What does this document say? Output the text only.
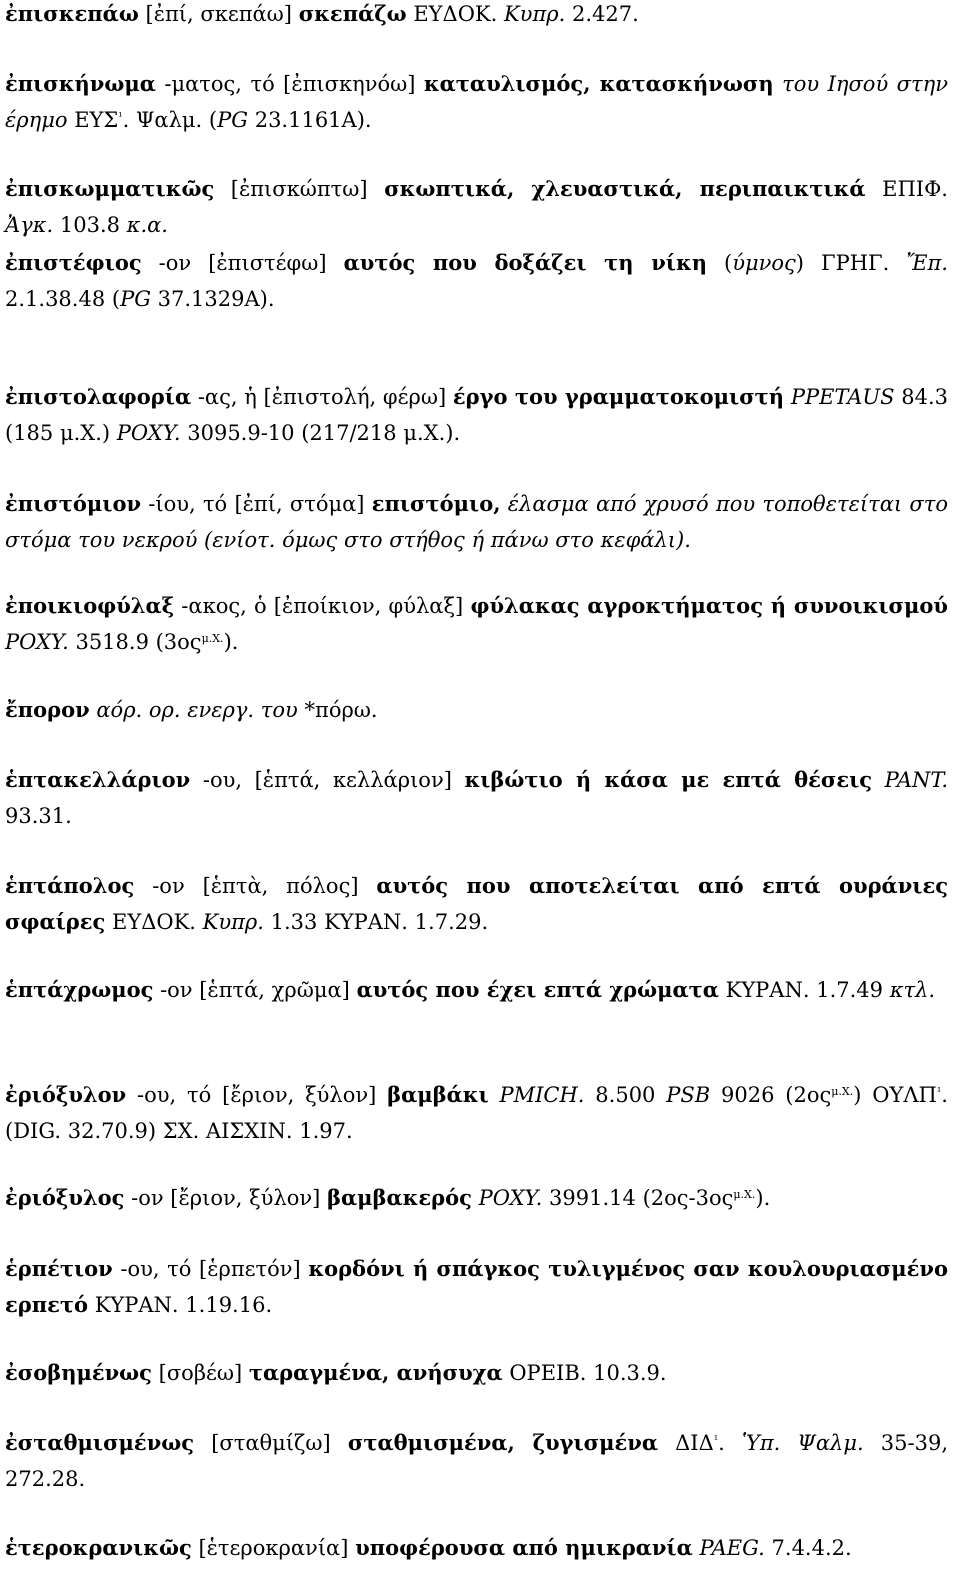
ἐπισκεπάω [ἐπί, σκεπάω] σκεπάζω ΕΥΔΟΚ. Κυπρ. 2.427.

ἐπισκήνωμα -ματος, τό [ἐπισκηνόω] καταυλισμός, κατασκήνωση του Ιησού στην έρημο $E\Upsilon\Sigma^{^1}$. Ψαλμ. (PG 23.1161A).

ἐπισκωμματικῶς [ἐπισκώπτω] σκωπτικά, χλευαστικά, περιπαικτικά ΕΠΙΦ. Ἀγκ. 103.8 κ.α.

ἐπιστέφιος -ον [ἐπιστέφω] αυτός που δοξάζει τη νίκη (ύμνος) ΓΡΗΓ. Ἔπ. 2.1.38.48 (PG 37.1329A).

ἐπιστολαφορία -ας, ἡ [ἐπιστολή, φέρω] έργο του γραμματοκομιστή PPETAUS 84.3 (185 μ.Χ.) POXY. 3095.9-10 (217/218 μ.Χ.).

ἐπιστόμιον -ίου, τό [ἐπί, στόμα] επιστόμιο, έλασμα από χρυσό που τοποθετείται στο στόμα του νεκρού (ενίοτ. όμως στο στήθος ή πάνω στο κεφάλι).

ἐποικιοφύλαξ -ακος, ὁ [ἐποίκιον, φύλαξ] φύλακας αγροκτήματος ή συνοικισμού POXY. 3518.9 $(3o\varsigma^{\mu.X.})$.

ἔπορον αόρ. ορ. ενεργ. του *πόρω.

ἑπτακελλάριον -ου, [ἑπτά, κελλάριον] κιβώτιο ή κάσα με επτά θέσεις PANT. 93.31.

ἑπτάπολος -ον [ἑπτὰ, πόλος] αυτός που αποτελείται από επτά ουράνιες σφαίρες ΕΥΔΟΚ. Κυπρ. 1.33 ΚΥΡΑΝ. 1.7.29.

ἑπτάχρωμος -ον [ἑπτά, χρῶμα] αυτός που έχει επτά χρώματα ΚΥΡΑΝ. 1.7.49 κτλ.

ἐριόξυλον -ου, τό [ἔριον, ξύλον] βαμβάκι PMICH. 8.500 PSB 9026 $(2o\varsigma^{\mu.X.})$ $O\Upsilon\Lambda\Pi^{^1}$. (DIG. 32.70.9) ΣΧ. ΑΙΣΧΙΝ. 1.97.

ἐριόξυλος -ον [ἔριον, ξύλον] βαμβακερός POXY. 3991.14 $(2o\varsigma-3o\varsigma^{\mu.X.})$.

ἑρπέτιον -ου, τό [ἑρπετόν] κορδόνι ή σπάγκος τυλιγμένος σαν κουλουριασμένο ερπετό ΚΥΡΑΝ. 1.19.16.

ἐσοβημένως [σοβέω] ταραγμένα, ανήσυχα ΟΡΕΙΒ. 10.3.9.

ἐσταθμισμένως [σταθμίζω] σταθμισμένα, ζυγισμένα $\Delta I\Delta^{^1}$. Ὑπ. Ψαλμ. 35-39, 272.28.

ἑτεροκρανικῶς [ἑτεροκρανία] υποφέρουσα από ημικρανία PAEG. 7.4.4.2.
